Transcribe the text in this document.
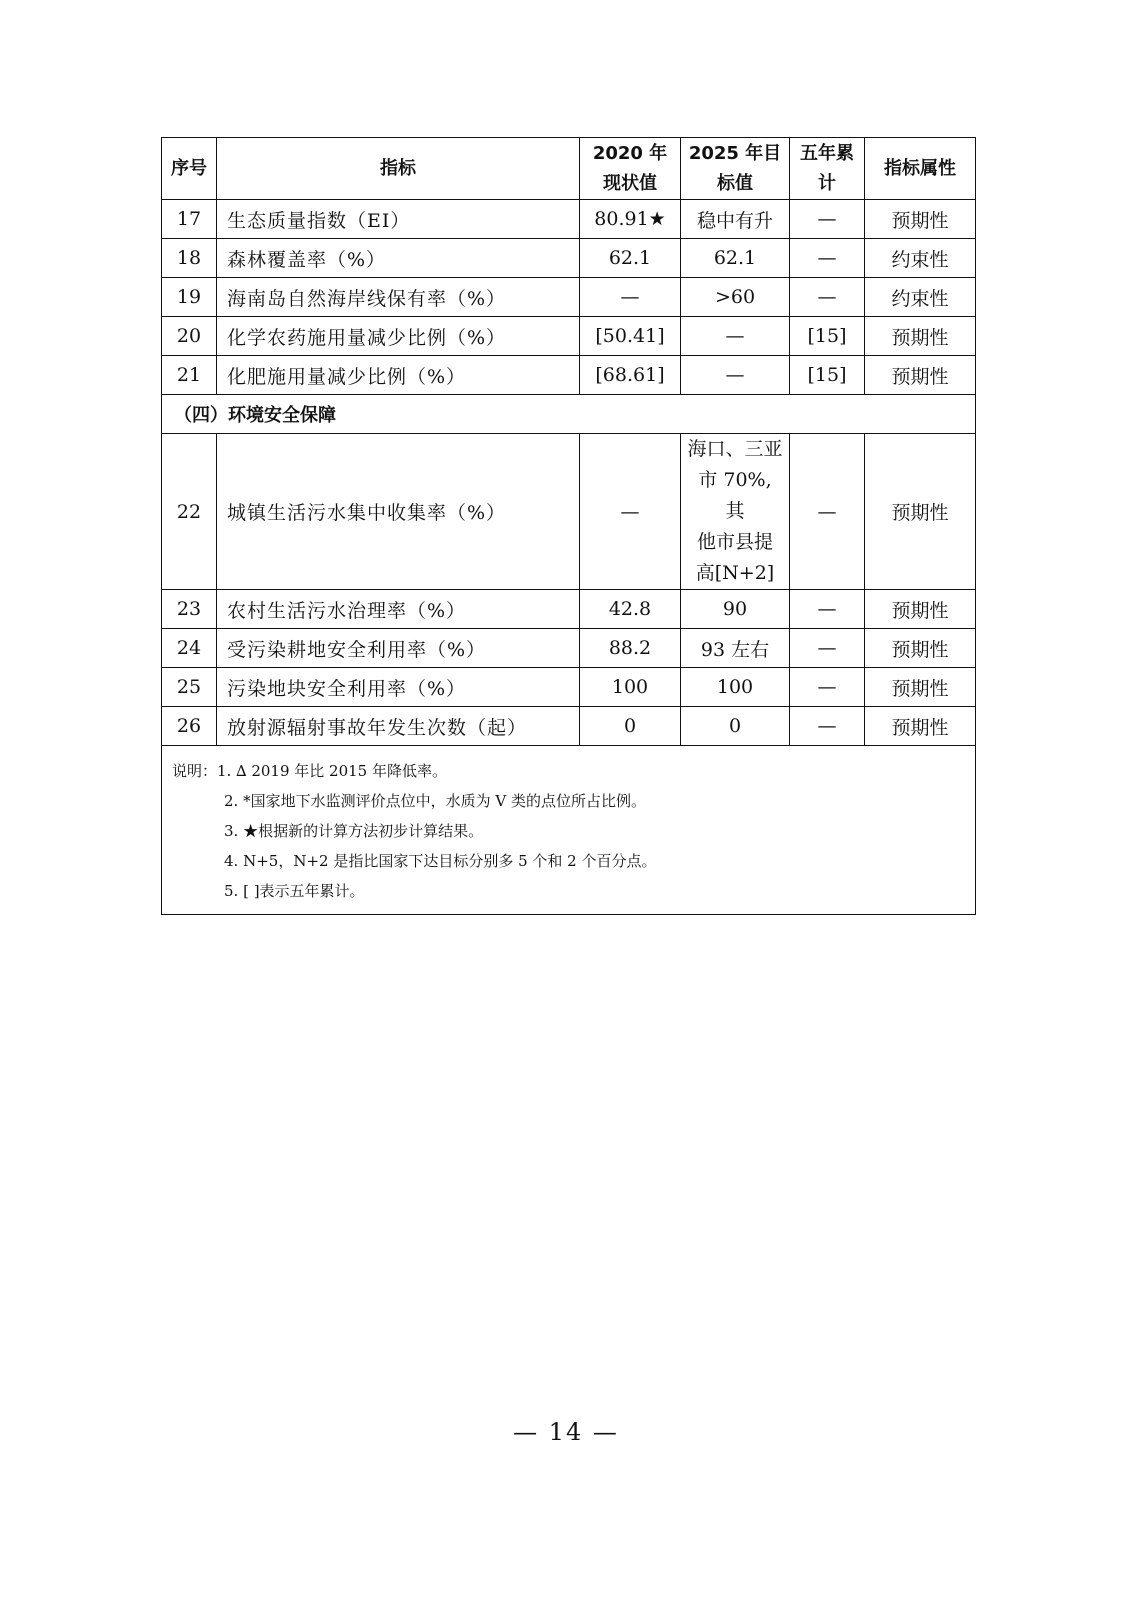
序号	指标	2020 年现状值	2025 年目标值	五年累计	指标属性
17	生态质量指数（EI）	80.91★	稳中有升	—	预期性
18	森林覆盖率（%）	62.1	62.1	—	约束性
19	海南岛自然海岸线保有率（%）	—	>60	—	约束性
20	化学农药施用量减少比例（%）	[50.41]	—	[15]	预期性
21	化肥施用量减少比例（%）	[68.61]	—	[15]	预期性
（四）环境安全保障					
22	城镇生活污水集中收集率（%）	—	海口、三亚
市 70%, 其
他市县提
高[N+2]	—	预期性
23	农村生活污水治理率（%）	42.8	90	—	预期性
24	受污染耕地安全利用率（%）	88.2	93 左右	—	预期性
25	污染地块安全利用率（%）	100	100	—	预期性
26	放射源辐射事故年发生次数（起）	0	0	—	预期性

说明：1. ∆ 2019 年比 2015 年降低率。
2. *国家地下水监测评价点位中，水质为 V 类的点位所占比例。
3. ★根据新的计算方法初步计算结果。
4. N+5，N+2 是指比国家下达目标分别多 5 个和 2 个百分点。
5. [ ]表示五年累计。					
— 14 —
